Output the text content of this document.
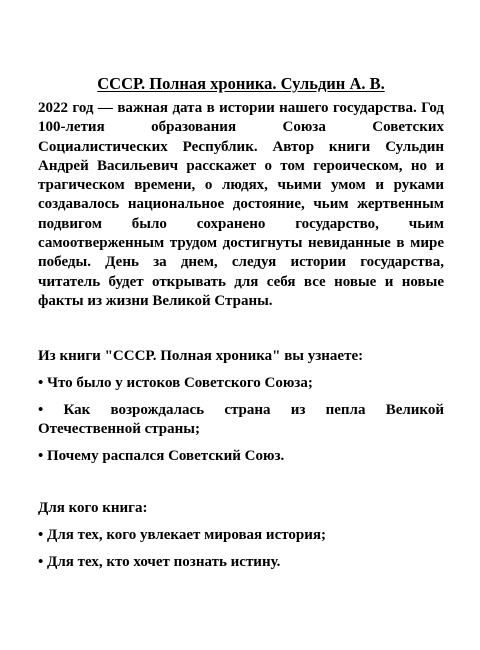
СССР. Полная хроника. Сульдин А. В.

2022 год — важная дата в истории нашего государства. Год 100-летия образования Союза Советских Социалистических Республик. Автор книги Сульдин Андрей Васильевич расскажет о том героическом, но и трагическом времени, о людях, чьими умом и руками создавалось национальное достояние, чьим жертвенным подвигом было сохранено государство, чьим самоотверженным трудом достигнуты невиданные в мире победы. День за днем, следуя истории государства, читатель будет открывать для себя все новые и новые факты из жизни Великой Страны.

Из книги "СССР. Полная хроника" вы узнаете:

• Что было у истоков Советского Союза;

• Как возрождалась страна из пепла Великой Отечественной страны;

• Почему распался Советский Союз.

Для кого книга:

• Для тех, кого увлекает мировая история;

• Для тех, кто хочет познать истину.
